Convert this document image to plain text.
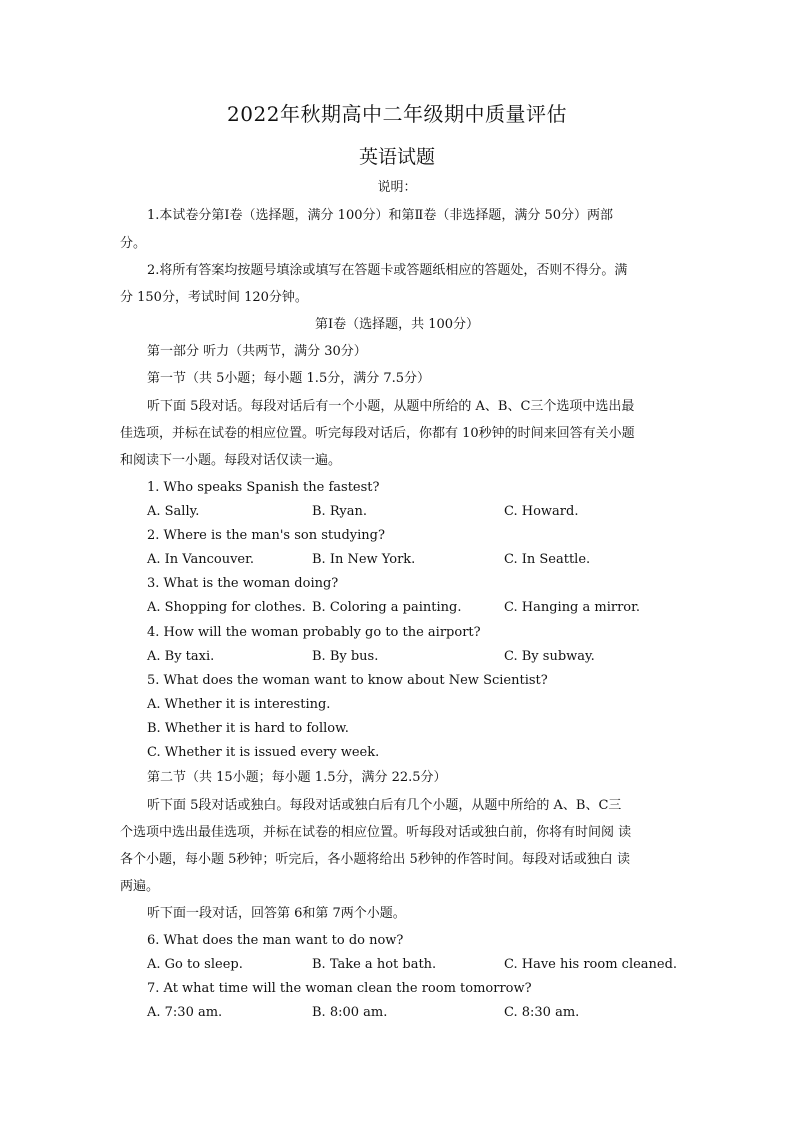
2022年秋期高中二年级期中质量评估
英语试题
说明：
1.本试卷分第Ⅰ卷（选择题，满分 100分）和第Ⅱ卷（非选择题，满分 50分）两部
分。
2.将所有答案均按题号填涂或填写在答题卡或答题纸相应的答题处，否则不得分。满
分 150分，考试时间 120分钟。
第Ⅰ卷（选择题，共 100分）
第一部分 听力（共两节，满分 30分）
第一节（共 5小题；每小题 1.5分，满分 7.5分）
听下面 5段对话。每段对话后有一个小题，从题中所给的 A、B、C三个选项中选出最
佳选项，并标在试卷的相应位置。听完每段对话后，你都有 10秒钟的时间来回答有关小题
和阅读下一小题。每段对话仅读一遍。
1. Who speaks Spanish the fastest?
A. Sally.	B. Ryan.	C. Howard.
2. Where is the man's son studying?
A. In Vancouver.	B. In New York.	C. In Seattle.
3. What is the woman doing?
A. Shopping for clothes. B. Coloring a painting.	C. Hanging a mirror.
4. How will the woman probably go to the airport?
A. By taxi.	B. By bus.	C. By subway.
5. What does the woman want to know about New Scientist?
A. Whether it is interesting.
B. Whether it is hard to follow.
C. Whether it is issued every week.
第二节（共 15小题；每小题 1.5分，满分 22.5分）
听下面 5段对话或独白。每段对话或独白后有几个小题，从题中所给的 A、B、C三
个选项中选出最佳选项，并标在试卷的相应位置。听每段对话或独白前，你将有时间阅 读
各个小题，每小题 5秒钟；听完后，各小题将给出 5秒钟的作答时间。每段对话或独白 读
两遍。
听下面一段对话，回答第 6和第 7两个小题。
6. What does the man want to do now?
A. Go to sleep.	B. Take a hot bath.	C. Have his room cleaned.
7. At what time will the woman clean the room tomorrow?
A. 7:30 am.	B. 8:00 am.	C. 8:30 am.
